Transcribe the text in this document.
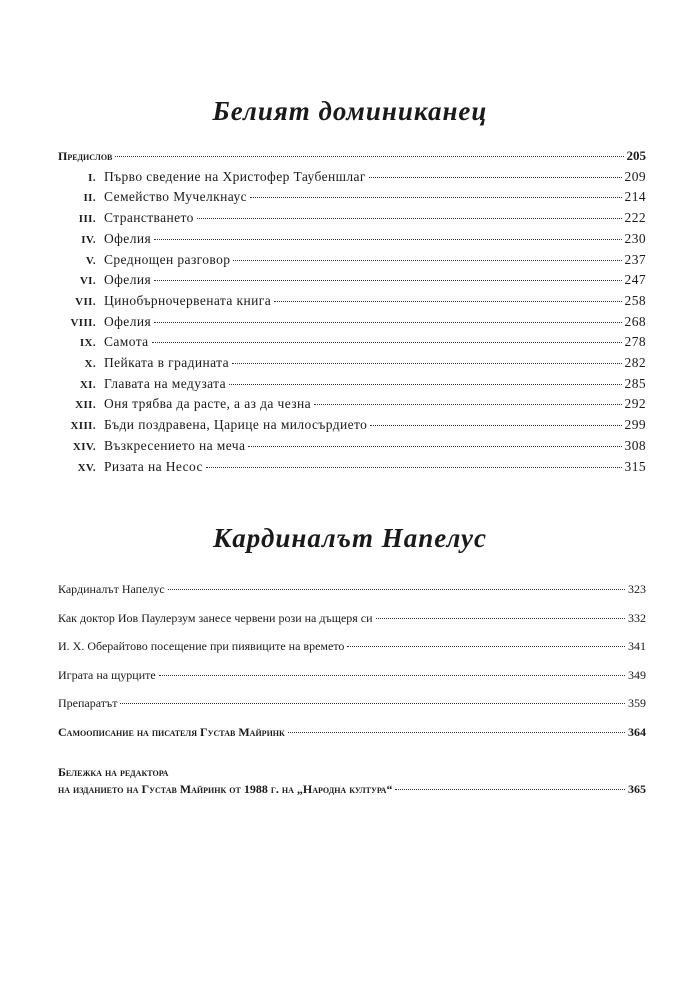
Белият доминиканец
Предислов	205
I. Първо сведение на Христофер Таубеншлаг	209
II. Семейство Мучелкнаус	214
III. Странстването	222
IV. Офелия	230
V. Среднощен разговор	237
VI. Офелия	247
VII. Цинобърночервената книга	258
VIII. Офелия	268
IX. Самота	278
X. Пейката в градината	282
XI. Главата на медузата	285
XII. Оня трябва да расте, а аз да чезна	292
XIII. Бъди поздравена, Царице на милосърдието	299
XIV. Възкресението на меча	308
XV. Ризата на Несос	315
Кардиналът Напелус
Кардиналът Напелус	323
Как доктор Иов Паулерзум занесе червени рози на дъщеря си	332
И. Х. Оберайтово посещение при пиявиците на времето	341
Играта на щурците	349
Препаратът	359
Самоописание на писателя Густав Майринк	364
Бележка на редактора
на изданието на Густав Майринк от 1988 г. на „Народна култура“	365
